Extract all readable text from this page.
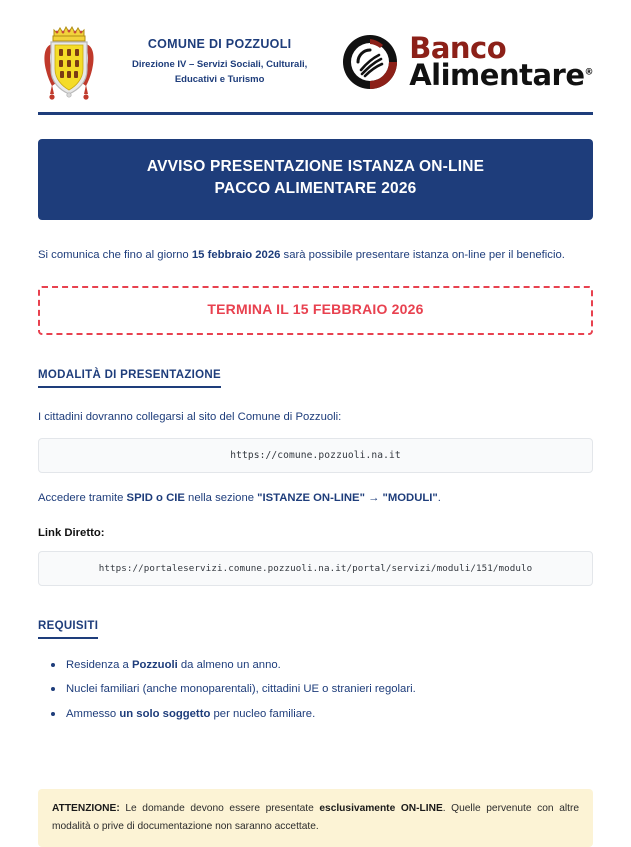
COMUNE DI POZZUOLI
Direzione IV – Servizi Sociali, Culturali, Educativi e Turismo
Banco
Alimentare®
AVVISO PRESENTAZIONE ISTANZA ON-LINE
PACCO ALIMENTARE 2026
Si comunica che fino al giorno 15 febbraio 2026 sarà possibile presentare istanza on-line per il beneficio.
TERMINA IL 15 FEBBRAIO 2026
MODALITÀ DI PRESENTAZIONE
I cittadini dovranno collegarsi al sito del Comune di Pozzuoli:
https://comune.pozzuoli.na.it
Accedere tramite SPID o CIE nella sezione "ISTANZE ON-LINE" → "MODULI".
Link Diretto:
https://portaleservizi.comune.pozzuoli.na.it/portal/servizi/moduli/151/modulo
REQUISITI
Residenza a Pozzuoli da almeno un anno.
Nuclei familiari (anche monoparentali), cittadini UE o stranieri regolari.
Ammesso un solo soggetto per nucleo familiare.
ATTENZIONE: Le domande devono essere presentate esclusivamente ON-LINE. Quelle pervenute con altre modalità o prive di documentazione non saranno accettate.
